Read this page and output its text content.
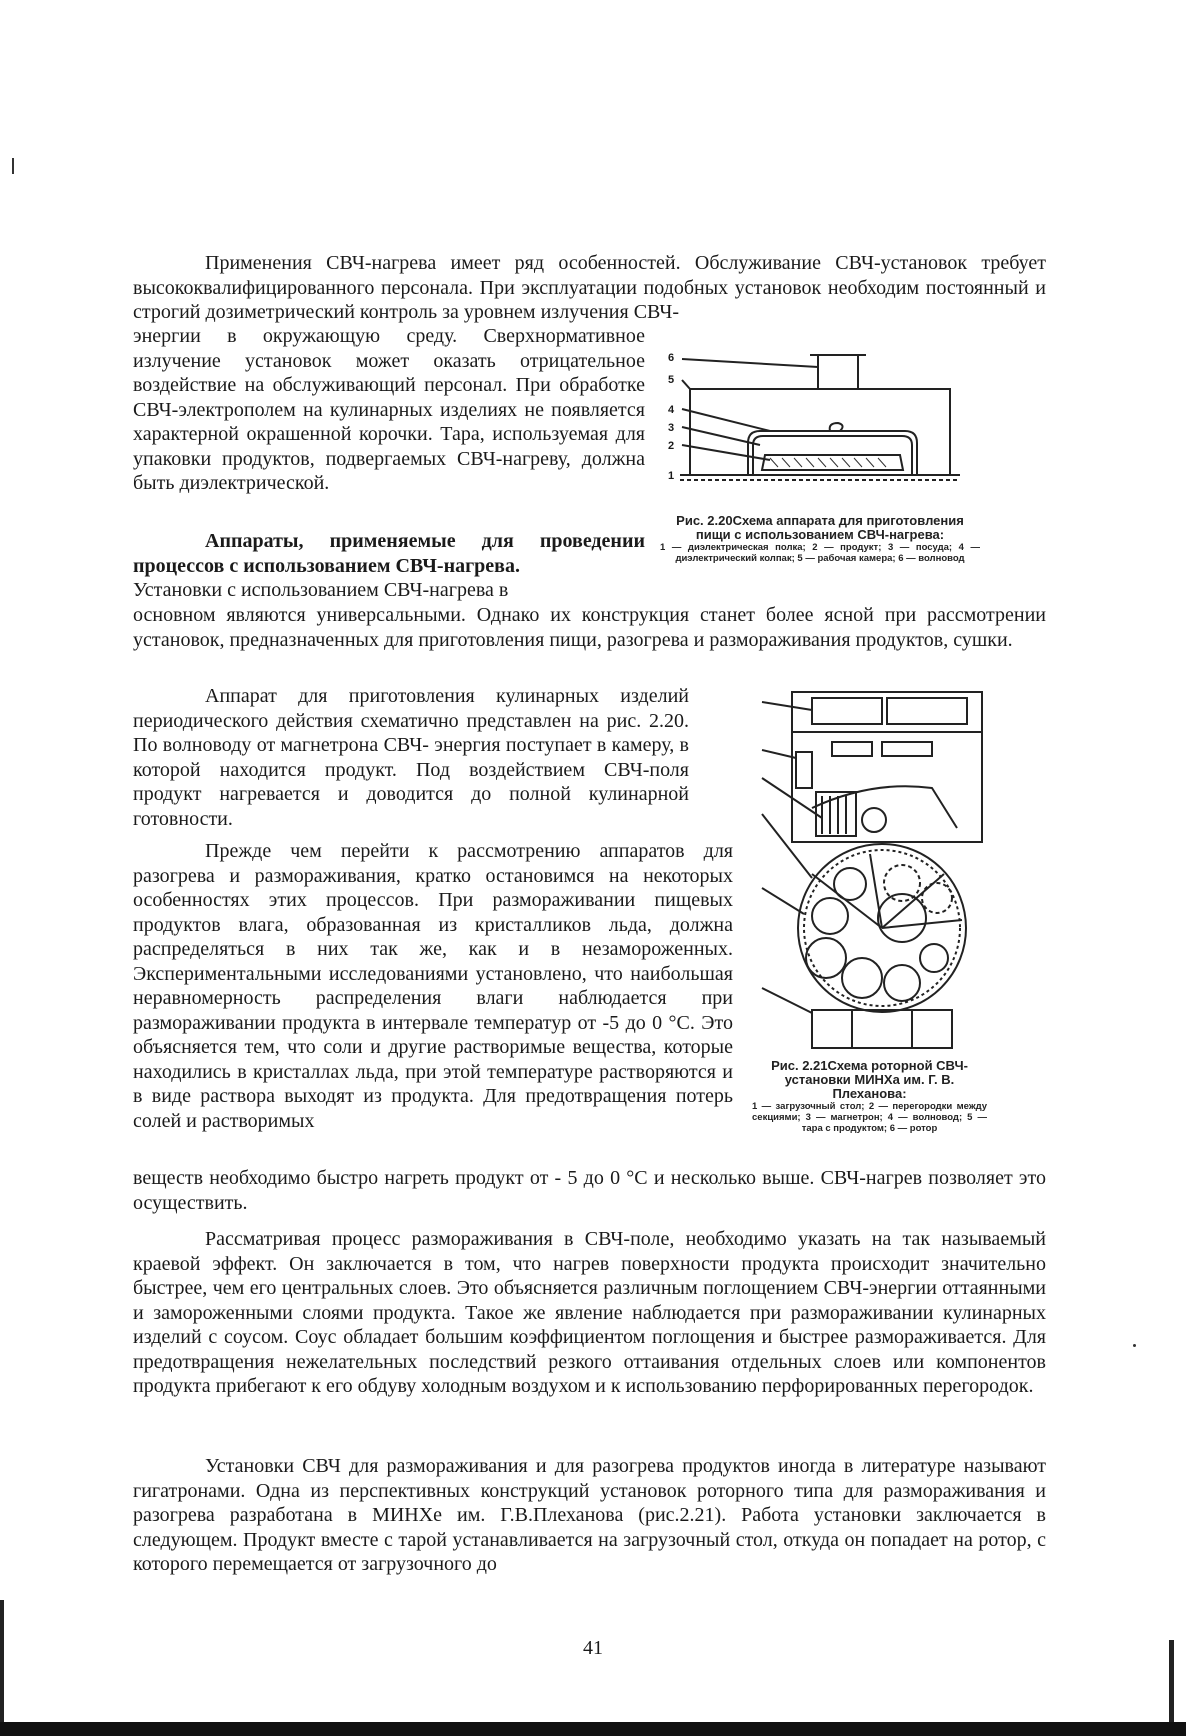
Применения СВЧ-нагрева имеет ряд особенностей. Обслуживание СВЧ-установок требует высококвалифицированного персонала. При эксплуатации подобных установок необходим постоянный и строгий дозиметрический контроль за уровнем излучения СВЧ-

энергии в окружающую среду. Сверхнормативное излучение установок может оказать отрицательное воздействие на обслуживающий персонал. При обработке СВЧ-электрополем на кулинарных изделиях не появляется характерной окрашенной корочки. Тара, используемая для упаковки продуктов, подвергаемых СВЧ-нагреву, должна быть диэлектрической.

Аппараты, применяемые для проведении процессов с использованием СВЧ-нагрева.

Установки с использованием СВЧ-нагрева в

основном являются универсальными. Однако их конструкция станет более ясной при рассмотрении установок, предназначенных для приготовления пищи, разогрева и размораживания продуктов, сушки.

Аппарат для приготовления кулинарных изделий периодического действия схематично представлен на рис. 2.20. По волноводу от магнетрона СВЧ- энергия поступает в камеру, в которой находится продукт. Под воздействием СВЧ-поля продукт нагревается и доводится до полной кулинарной готовности.

Прежде чем перейти к рассмотрению аппаратов для разогрева и размораживания, кратко остановимся на некоторых особенностях этих процессов. При размораживании пищевых продуктов влага, образованная из кристалликов льда, должна распределяться в них так же, как и в незамороженных. Экспериментальными исследованиями установлено, что наибольшая неравномерность распределения влаги наблюдается при размораживании продукта в интервале температур от -5 до 0 °С. Это объясняется тем, что соли и другие растворимые вещества, которые находились в кристаллах льда, при этой температуре растворяются и в виде раствора выходят из продукта. Для предотвращения потерь солей и растворимых

веществ необходимо быстро нагреть продукт от - 5 до 0 °С и несколько выше. СВЧ-нагрев позволяет это осуществить.

Рассматривая процесс размораживания в СВЧ-поле, необходимо указать на так называемый краевой эффект. Он заключается в том, что нагрев поверхности продукта происходит значительно быстрее, чем его центральных слоев. Это объясняется различным поглощением СВЧ-энергии оттаянными и замороженными слоями продукта. Такое же явление наблюдается при размораживании кулинарных изделий с соусом. Соус обладает большим коэффициентом поглощения и быстрее размораживается. Для предотвращения нежелательных последствий резкого оттаивания отдельных слоев или компонентов продукта прибегают к его обдуву холодным воздухом и к использованию перфорированных перегородок.

Установки СВЧ для размораживания и для разогрева продуктов иногда в литературе называют гигатронами. Одна из перспективных конструкций установок роторного типа для размораживания и разогрева разработана в МИНХе им. Г.В.Плеханова (рис.2.21). Работа установки заключается в следующем. Продукт вместе с тарой устанавливается на загрузочный стол, откуда он попадает на ротор, с которого перемещается от загрузочного до

6
5
4
3
2
1
Рис. 2.20Схема аппарата для приготовления пищи с использованием СВЧ-нагрева:
1 — диэлектрическая полка; 2 — продукт; 3 — посуда; 4 — диэлектрический колпак; 5 — рабочая камера; 6 — волновод
Рис. 2.21Схема роторной СВЧ-установки МИНХа им. Г. В. Плеханова:
1 — загрузочный стол; 2 — перегородки между секциями; 3 — магнетрон; 4 — волновод; 5 — тара с продуктом; 6 — ротор
41
